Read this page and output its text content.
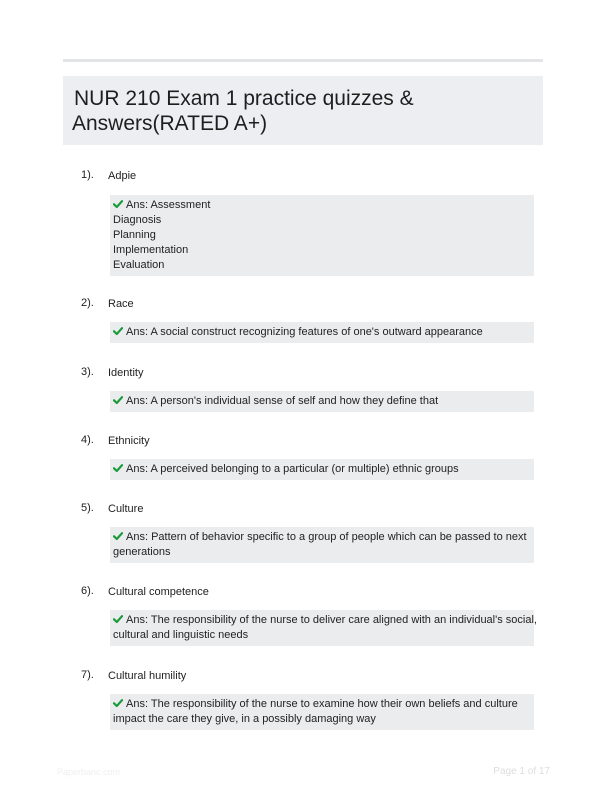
NUR 210 Exam 1 practice quizzes &
Answers(RATED A+)
1). Adpie
Ans: Assessment
Diagnosis
Planning
Implementation
Evaluation
2). Race
Ans: A social construct recognizing features of one's outward appearance
3). Identity
Ans: A person's individual sense of self and how they define that
4). Ethnicity
Ans: A perceived belonging to a particular (or multiple) ethnic groups
5). Culture
Ans: Pattern of behavior specific to a group of people which can be passed to next
generations
6). Cultural competence
Ans: The responsibility of the nurse to deliver care aligned with an individual's social,
cultural and linguistic needs
7). Cultural humility
Ans: The responsibility of the nurse to examine how their own beliefs and culture
impact the care they give, in a possibly damaging way
Paperbanc.com	Page 1 of 17
